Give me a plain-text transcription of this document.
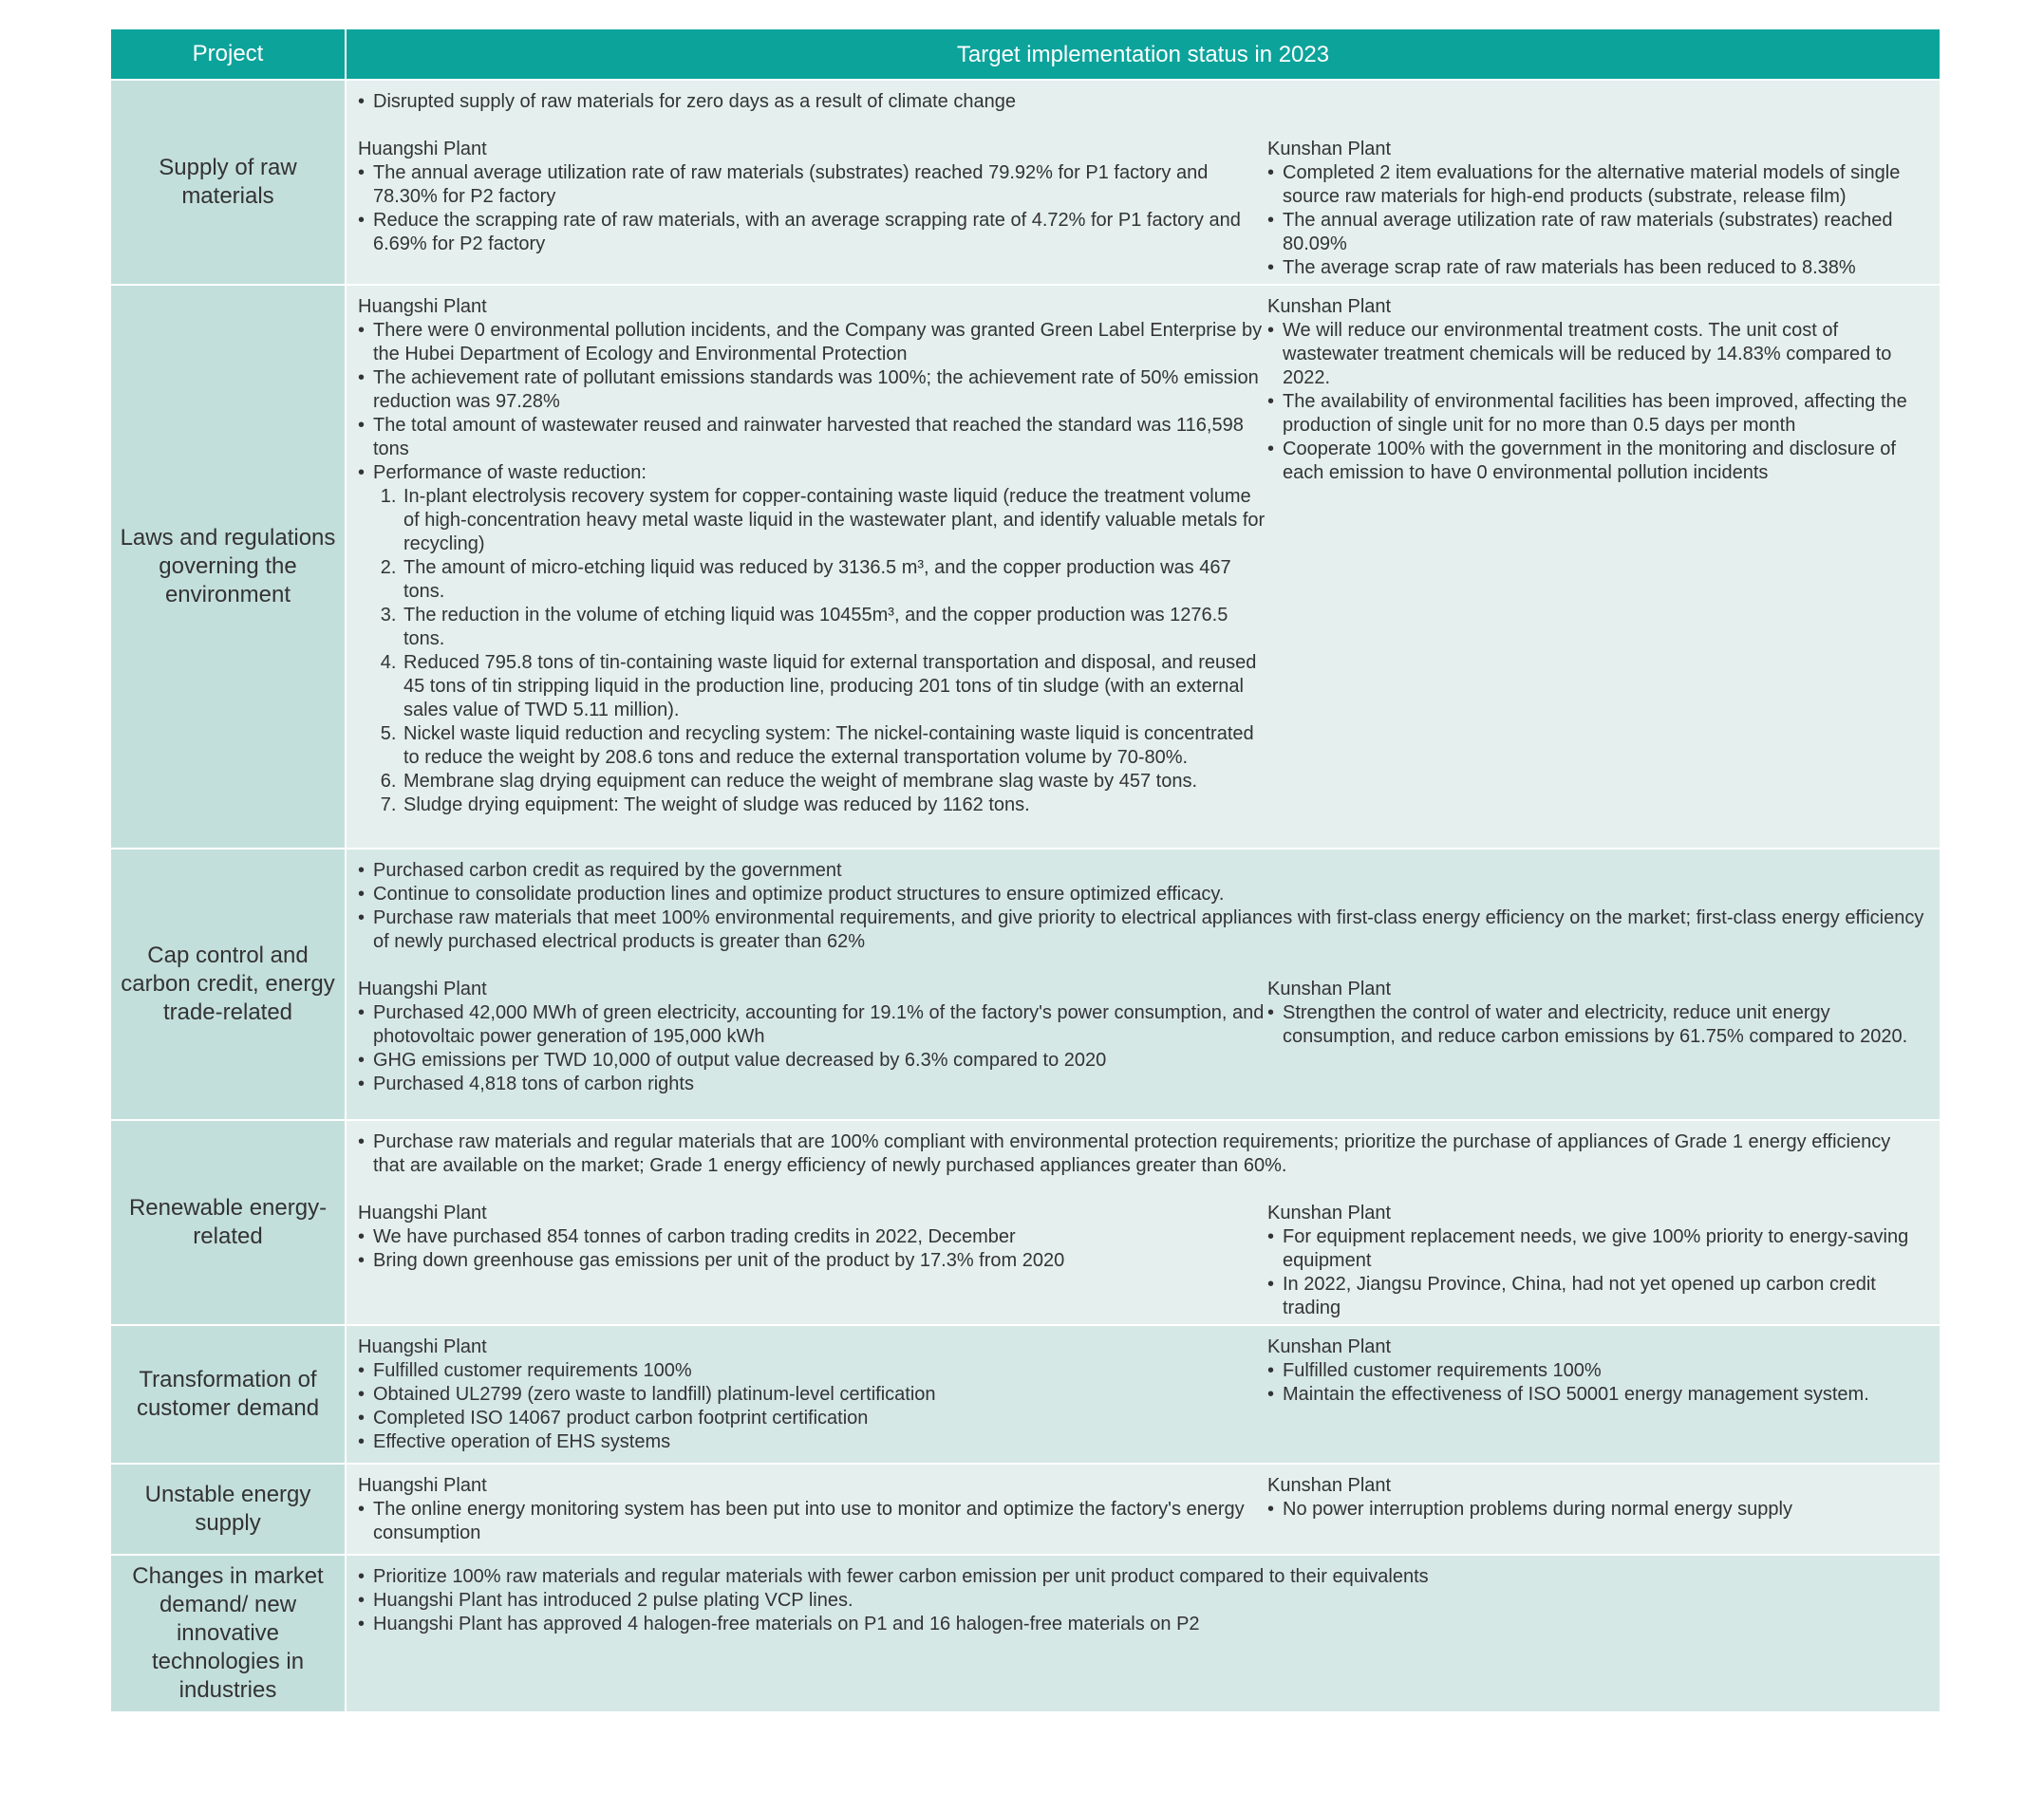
Project	Target implementation status in 2023
Supply of raw materials
• Disrupted supply of raw materials for zero days as a result of climate change

Huangshi Plant

• The annual average utilization rate of raw materials (substrates) reached 79.92% for P1 factory and 78.30% for P2 factory
• Reduce the scrapping rate of raw materials, with an average scrapping rate of 4.72% for P1 factory and 6.69% for P2 factory

Kunshan Plant

• Completed 2 item evaluations for the alternative material models of single source raw materials for high-end products (substrate, release film)
• The annual average utilization rate of raw materials (substrates) reached 80.09%
• The average scrap rate of raw materials has been reduced to 8.38%
Laws and regulations governing the environment

Huangshi Plant

• There were 0 environmental pollution incidents, and the Company was granted Green Label Enterprise by the Hubei Department of Ecology and Environmental Protection
• The achievement rate of pollutant emissions standards was 100%; the achievement rate of 50% emission reduction was 97.28%
• The total amount of wastewater reused and rainwater harvested that reached the standard was 116,598 tons
• Performance of waste reduction:
1. In-plant electrolysis recovery system for copper-containing waste liquid (reduce the treatment volume of high-concentration heavy metal waste liquid in the wastewater plant, and identify valuable metals for recycling)
2. The amount of micro-etching liquid was reduced by 3136.5 m³, and the copper production was 467 tons.
3. The reduction in the volume of etching liquid was 10455m³, and the copper production was 1276.5 tons.
4. Reduced 795.8 tons of tin-containing waste liquid for external transportation and disposal, and reused 45 tons of tin stripping liquid in the production line, producing 201 tons of tin sludge (with an external sales value of TWD 5.11 million).
5. Nickel waste liquid reduction and recycling system: The nickel-containing waste liquid is concentrated to reduce the weight by 208.6 tons and reduce the external transportation volume by 70-80%.
6. Membrane slag drying equipment can reduce the weight of membrane slag waste by 457 tons.
7. Sludge drying equipment: The weight of sludge was reduced by 1162 tons.

Kunshan Plant

• We will reduce our environmental treatment costs. The unit cost of wastewater treatment chemicals will be reduced by 14.83% compared to 2022.
• The availability of environmental facilities has been improved, affecting the production of single unit for no more than 0.5 days per month
• Cooperate 100% with the government in the monitoring and disclosure of each emission to have 0 environmental pollution incidents
Cap control and carbon credit, energy trade-related
• Purchased carbon credit as required by the government
• Continue to consolidate production lines and optimize product structures to ensure optimized efficacy.
• Purchase raw materials that meet 100% environmental requirements, and give priority to electrical appliances with first-class energy efficiency on the market; first-class energy efficiency of newly purchased electrical products is greater than 62%

Huangshi Plant

• Purchased 42,000 MWh of green electricity, accounting for 19.1% of the factory's power consumption, and photovoltaic power generation of 195,000 kWh
• GHG emissions per TWD 10,000 of output value decreased by 6.3% compared to 2020
• Purchased 4,818 tons of carbon rights

Kunshan Plant

• Strengthen the control of water and electricity, reduce unit energy consumption, and reduce carbon emissions by 61.75% compared to 2020.
Renewable energy-related
• Purchase raw materials and regular materials that are 100% compliant with environmental protection requirements; prioritize the purchase of appliances of Grade 1 energy efficiency that are available on the market; Grade 1 energy efficiency of newly purchased appliances greater than 60%.

Huangshi Plant

• We have purchased 854 tonnes of carbon trading credits in 2022, December
• Bring down greenhouse gas emissions per unit of the product by 17.3% from 2020

Kunshan Plant

• For equipment replacement needs, we give 100% priority to energy-saving equipment
• In 2022, Jiangsu Province, China, had not yet opened up carbon credit trading
Transformation of customer demand

Huangshi Plant

• Fulfilled customer requirements 100%
• Obtained UL2799 (zero waste to landfill) platinum-level certification
• Completed ISO 14067 product carbon footprint certification
• Effective operation of EHS systems

Kunshan Plant

• Fulfilled customer requirements 100%
• Maintain the effectiveness of ISO 50001 energy management system.
Unstable energy supply

Huangshi Plant

• The online energy monitoring system has been put into use to monitor and optimize the factory's energy consumption

Kunshan Plant

• No power interruption problems during normal energy supply
Changes in market demand/ new innovative technologies in industries
• Prioritize 100% raw materials and regular materials with fewer carbon emission per unit product compared to their equivalents
• Huangshi Plant has introduced 2 pulse plating VCP lines.
• Huangshi Plant has approved 4 halogen-free materials on P1 and 16 halogen-free materials on P2
